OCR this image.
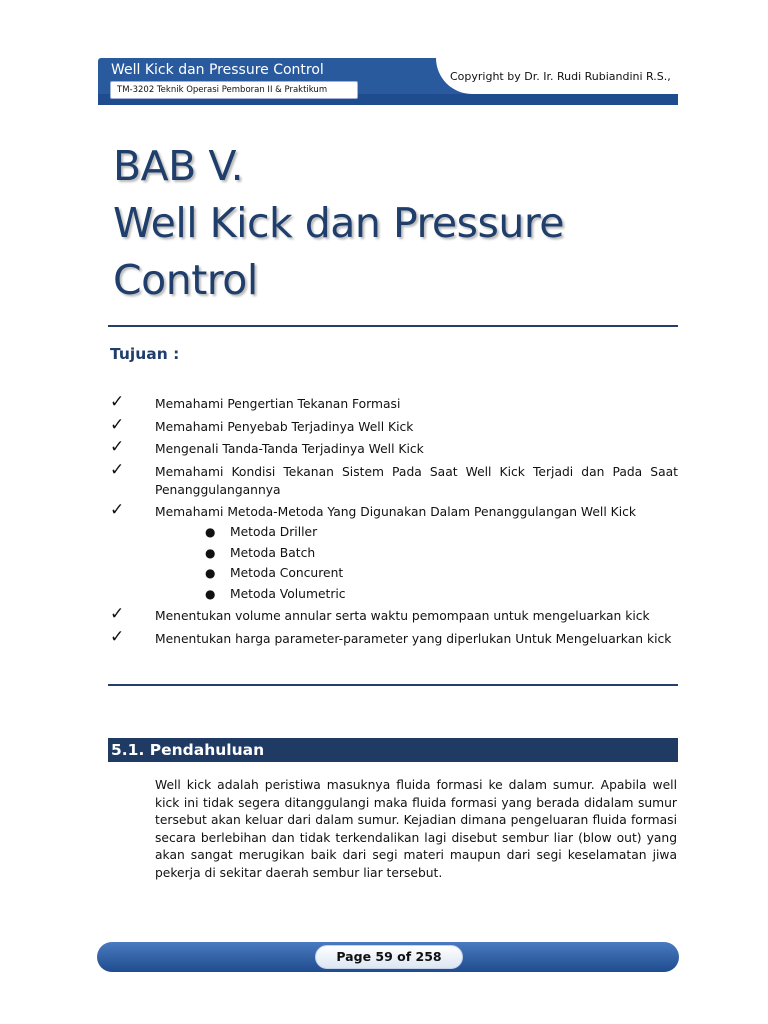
Well Kick dan Pressure Control
TM-3202 Teknik Operasi Pemboran II & Praktikum
Copyright by Dr. Ir. Rudi Rubiandini R.S.,
BAB V.
Well Kick dan Pressure
Control
Tujuan :
✓	Memahami Pengertian Tekanan Formasi
✓	Memahami Penyebab Terjadinya Well Kick
✓	Mengenali Tanda-Tanda Terjadinya Well Kick
✓	Memahami Kondisi Tekanan Sistem Pada Saat Well Kick Terjadi dan Pada Saat Penanggulangannya
✓	Memahami Metoda-Metoda Yang Digunakan Dalam Penanggulangan Well Kick
● Metoda Driller
● Metoda Batch
● Metoda Concurent
● Metoda Volumetric
✓	Menentukan volume annular serta waktu pemompaan untuk mengeluarkan kick
✓	Menentukan harga parameter-parameter yang diperlukan Untuk Mengeluarkan kick
5.1. Pendahuluan
Well kick adalah peristiwa masuknya fluida formasi ke dalam sumur. Apabila well kick ini tidak segera ditanggulangi maka fluida formasi yang berada didalam sumur tersebut akan keluar dari dalam sumur. Kejadian dimana pengeluaran fluida formasi secara berlebihan dan tidak terkendalikan lagi disebut sembur liar (blow out) yang akan sangat merugikan baik dari segi materi maupun dari segi keselamatan jiwa pekerja di sekitar daerah sembur liar tersebut.
Page 59 of 258
